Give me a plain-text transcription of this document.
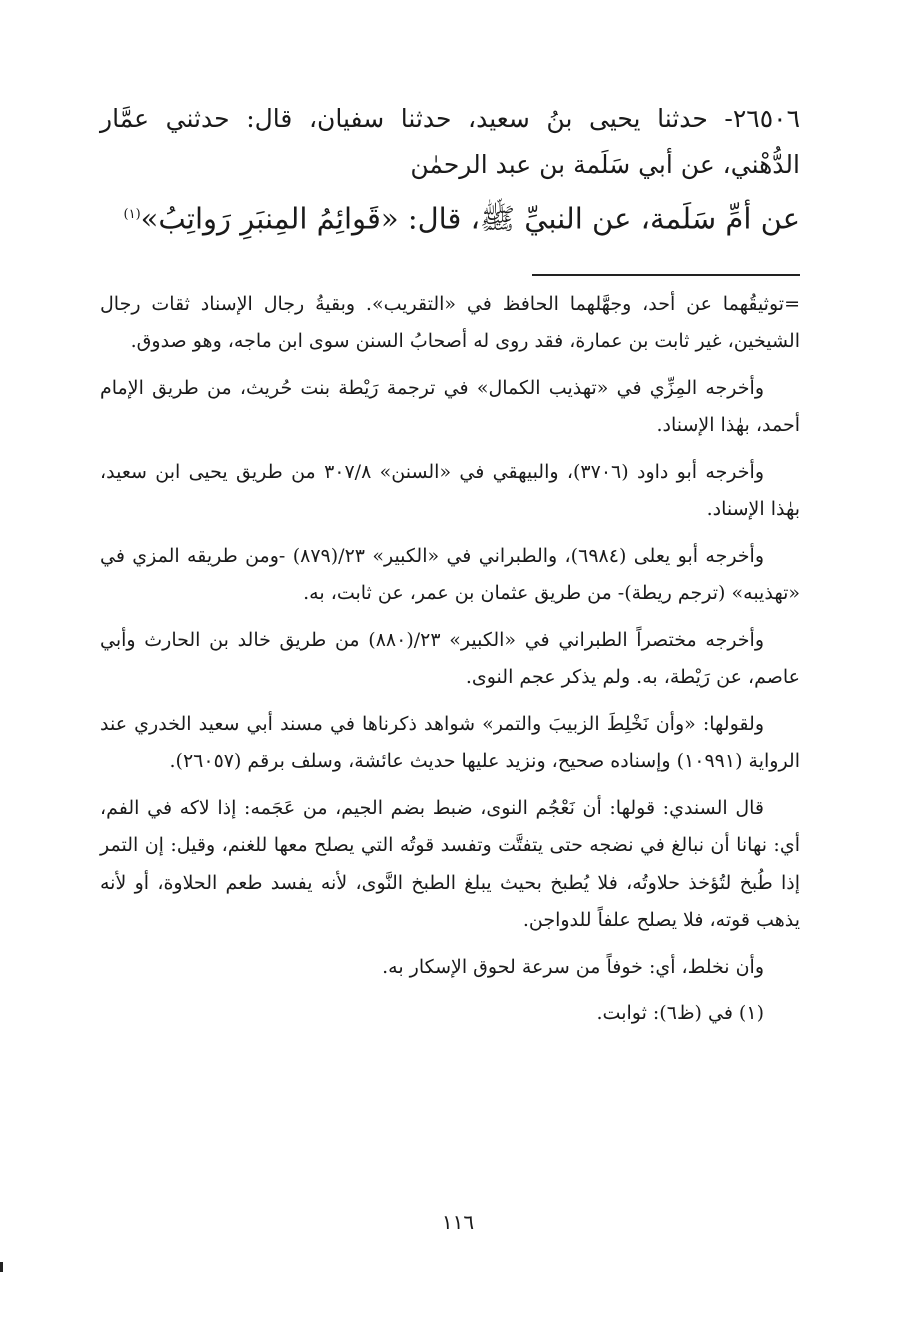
٢٦٥٠٦- حدثنا يحيى بنُ سعيد، حدثنا سفيان، قال: حدثني عمَّار الدُّهْني، عن أبي سَلَمة بن عبد الرحمٰن

عن أمِّ سَلَمة، عن النبيِّ ﷺ، قال: «قَوائِمُ المِنبَرِ رَواتِبُ»$^{(١)}$

=توثيقُهما عن أحد، وجهَّلهما الحافظ في «التقريب». وبقيةُ رجال الإسناد ثقات رجال الشيخين، غير ثابت بن عمارة، فقد روى له أصحابُ السنن سوى ابن ماجه، وهو صدوق.

وأخرجه المِزِّي في «تهذيب الكمال» في ترجمة رَيْطة بنت حُريث، من طريق الإمام أحمد، بهٰذا الإسناد.

وأخرجه أبو داود (٣٧٠٦)، والبيهقي في «السنن» ٣٠٧/٨ من طريق يحيى ابن سعيد، بهٰذا الإسناد.

وأخرجه أبو يعلى (٦٩٨٤)، والطبراني في «الكبير» ٢٣/(٨٧٩) -ومن طريقه المزي في «تهذيبه» (ترجم ريطة)- من طريق عثمان بن عمر، عن ثابت، به.

وأخرجه مختصراً الطبراني في «الكبير» ٢٣/(٨٨٠) من طريق خالد بن الحارث وأبي عاصم، عن رَيْطة، به. ولم يذكر عجم النوى.

ولقولها: «وأن نَخْلِطَ الزبيبَ والتمر» شواهد ذكرناها في مسند أبي سعيد الخدري عند الرواية (١٠٩٩١) وإسناده صحيح، ونزيد عليها حديث عائشة، وسلف برقم (٢٦٠٥٧).

قال السندي: قولها: أن نَعْجُم النوى، ضبط بضم الجيم، من عَجَمه: إذا لاكه في الفم، أي: نهانا أن نبالغ في نضجه حتى يتفتَّت وتفسد قوتُه التي يصلح معها للغنم، وقيل: إن التمر إذا طُبخ لتُؤخذ حلاوتُه، فلا يُطبخ بحيث يبلغ الطبخ النَّوى، لأنه يفسد طعم الحلاوة، أو لأنه يذهب قوته، فلا يصلح علفاً للدواجن.

وأن نخلط، أي: خوفاً من سرعة لحوق الإسكار به.

(١) في (ظ٦): ثوابت.

١١٦
